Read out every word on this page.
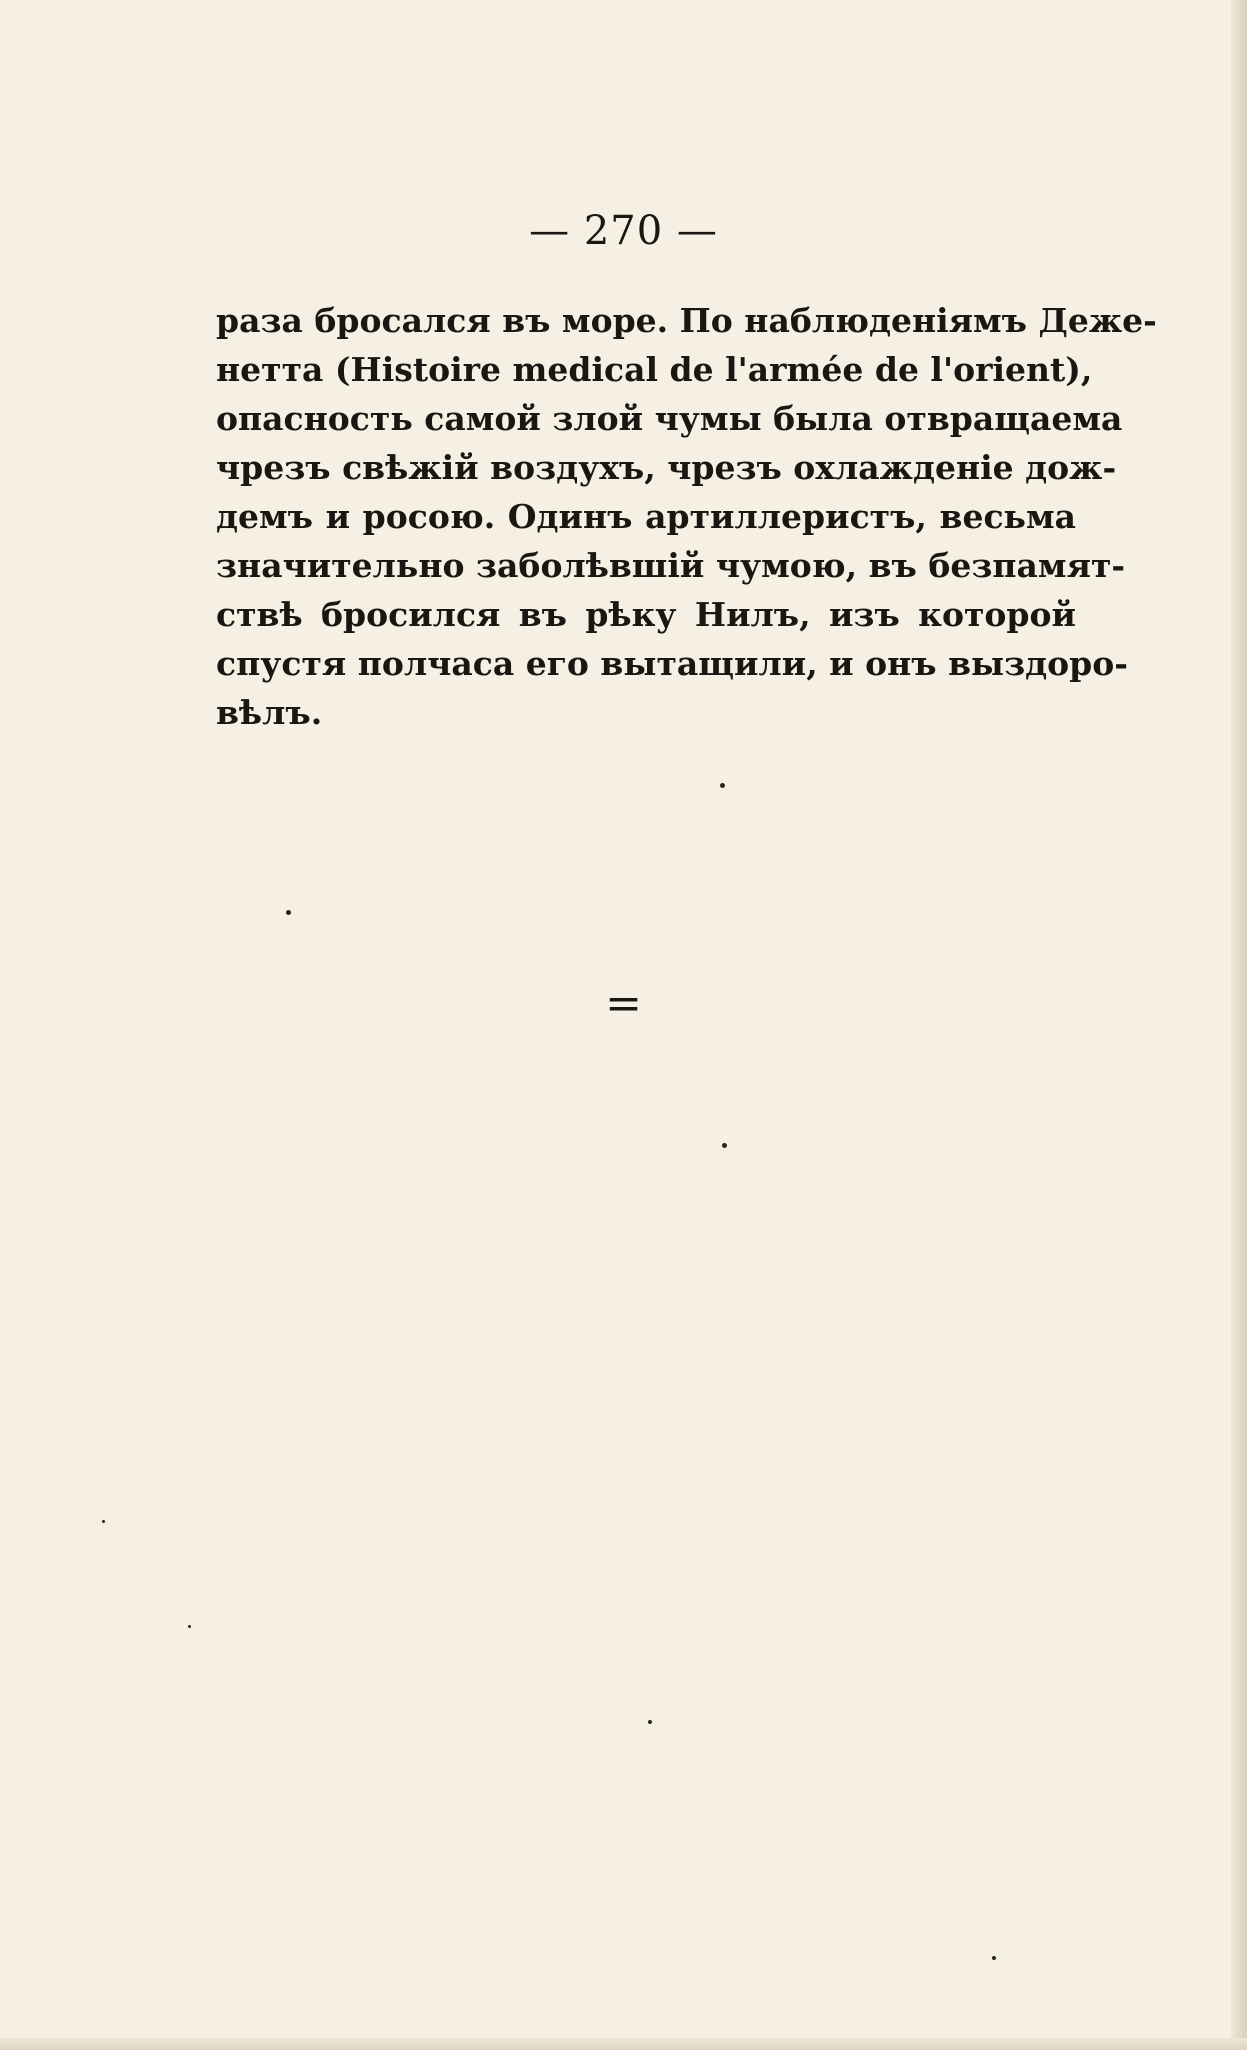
— 270 —
раза бросался въ море. По наблюденiямъ Деже-
нетта (Histoire medical de l'armée de l'orient),
опасность самой злой чумы была отвращаема
чрезъ свѣжiй воздухъ, чрезъ охлажденiе дож-
демъ и росою. Одинъ артиллеристъ, весьма
значительно заболѣвшiй чумою, въ безпамят-
ствѣ бросился въ рѣку Нилъ, изъ которой
спустя полчаса его вытащили, и онъ выздоро-
вѣлъ.
=
